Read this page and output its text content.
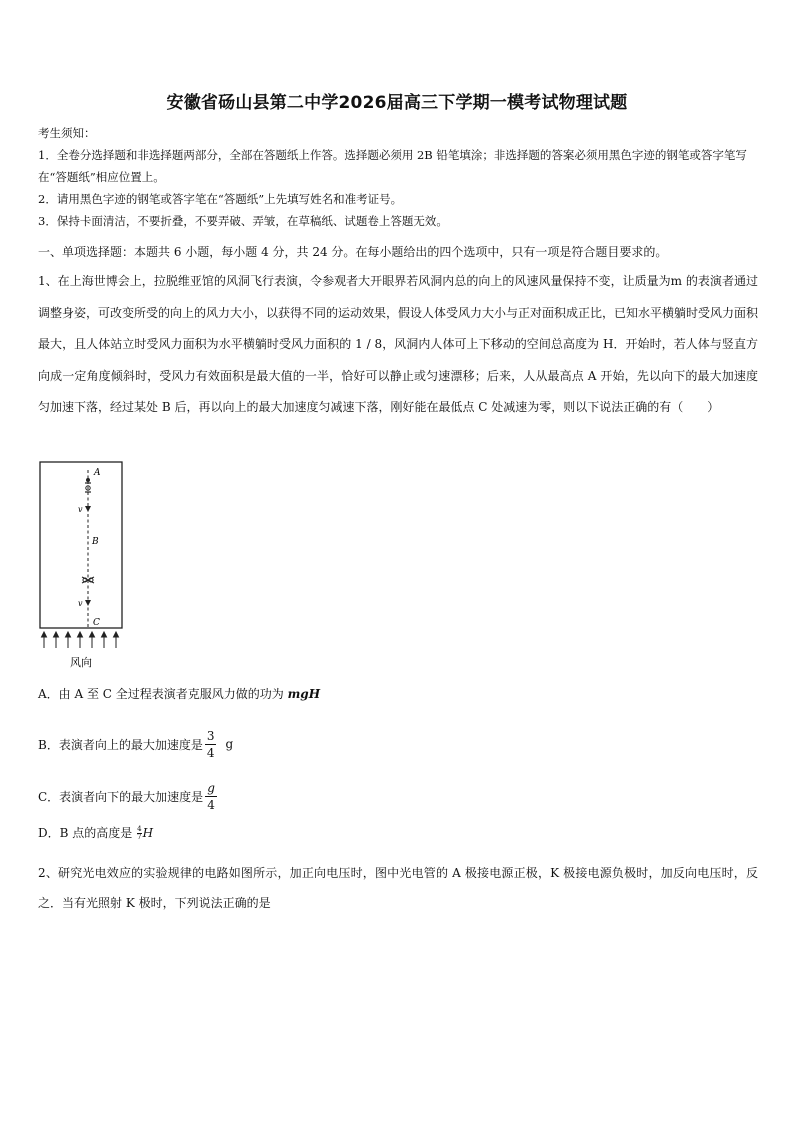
安徽省砀山县第二中学2026届高三下学期一模考试物理试题

考生须知：

1．全卷分选择题和非选择题两部分，全部在答题纸上作答。选择题必须用 2B 铅笔填涂；非选择题的答案必须用黑色字迹的钢笔或答字笔写在“答题纸”相应位置上。

2．请用黑色字迹的钢笔或答字笔在“答题纸”上先填写姓名和准考证号。

3．保持卡面清洁，不要折叠，不要弄破、弄皱，在草稿纸、试题卷上答题无效。

一、单项选择题：本题共 6 小题，每小题 4 分，共 24 分。在每小题给出的四个选项中，只有一项是符合题目要求的。
1、在上海世博会上，拉脱维亚馆的风洞飞行表演，令参观者大开眼界若风洞内总的向上的风速风量保持不变，让质量为m 的表演者通过调整身姿，可改变所受的向上的风力大小，以获得不同的运动效果，假设人体受风力大小与正对面积成正比，已知水平横躺时受风力面积最大，且人体站立时受风力面积为水平横躺时受风力面积的 1 / 8，风洞内人体可上下移动的空间总高度为 H．开始时，若人体与竖直方向成一定角度倾斜时，受风力有效面积是最大值的一半，恰好可以静止或匀速漂移；后来，人从最高点 A 开始，先以向下的最大加速度匀加速下落，经过某处 B 后，再以向上的最大加速度匀减速下落，刚好能在最低点 C 处减速为零，则以下说法正确的有（　　）
A
v
B
v
C
风向
A．由 A 至 C 全过程表演者克服风力做的功为 mgH
B．表演者向上的最大加速度是 $\frac{3}{4}$ g
C．表演者向下的最大加速度是 $\frac{g}{4}$
D．B 点的高度是 $\frac{4}{7}$ H
2、研究光电效应的实验规律的电路如图所示，加正向电压时，图中光电管的 A 极接电源正极，K 极接电源负极时，加反向电压时，反之．当有光照射 K 极时，下列说法正确的是
